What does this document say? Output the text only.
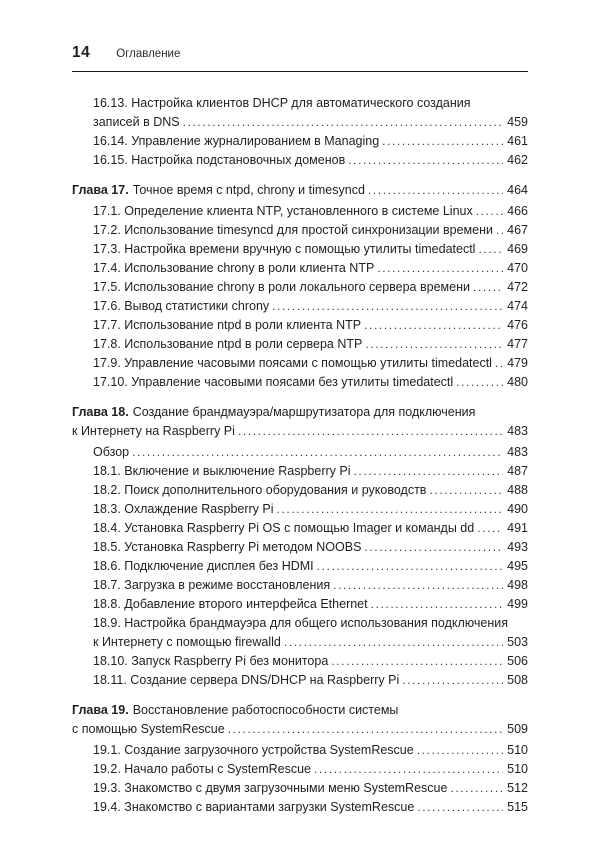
14 Оглавление
16.13. Настройка клиентов DHCP для автоматического создания
записей в DNS .....	459
16.14. Управление журналированием в Managing .....	461
16.15. Настройка подстановочных доменов .....	462
Глава 17. Точное время с ntpd, chrony и timesyncd .....	464
17.1. Определение клиента NTP, установленного в системе Linux .....	466
17.2. Использование timesyncd для простой синхронизации времени .....	467
17.3. Настройка времени вручную с помощью утилиты timedatectl .....	469
17.4. Использование chrony в роли клиента NTP .....	470
17.5. Использование chrony в роли локального сервера времени .....	472
17.6. Вывод статистики chrony .....	474
17.7. Использование ntpd в роли клиента NTP .....	476
17.8. Использование ntpd в роли сервера NTP .....	477
17.9. Управление часовыми поясами с помощью утилиты timedatectl .....	479
17.10. Управление часовыми поясами без утилиты timedatectl .....	480
Глава 18. Создание брандмауэра/маршрутизатора для подключения
к Интернету на Raspberry Pi .....	483
Обзор .....	483
18.1. Включение и выключение Raspberry Pi .....	487
18.2. Поиск дополнительного оборудования и руководств .....	488
18.3. Охлаждение Raspberry Pi .....	490
18.4. Установка Raspberry Pi OS с помощью Imager и команды dd .....	491
18.5. Установка Raspberry Pi методом NOOBS .....	493
18.6. Подключение дисплея без HDMI .....	495
18.7. Загрузка в режиме восстановления .....	498
18.8. Добавление второго интерфейса Ethernet .....	499
18.9. Настройка брандмауэра для общего использования подключения
к Интернету с помощью firewalld .....	503
18.10. Запуск Raspberry Pi без монитора .....	506
18.11. Создание сервера DNS/DHCP на Raspberry Pi .....	508
Глава 19. Восстановление работоспособности системы
с помощью SystemRescue .....	509
19.1. Создание загрузочного устройства SystemRescue .....	510
19.2. Начало работы с SystemRescue .....	510
19.3. Знакомство с двумя загрузочными меню SystemRescue .....	512
19.4. Знакомство с вариантами загрузки SystemRescue .....	515
